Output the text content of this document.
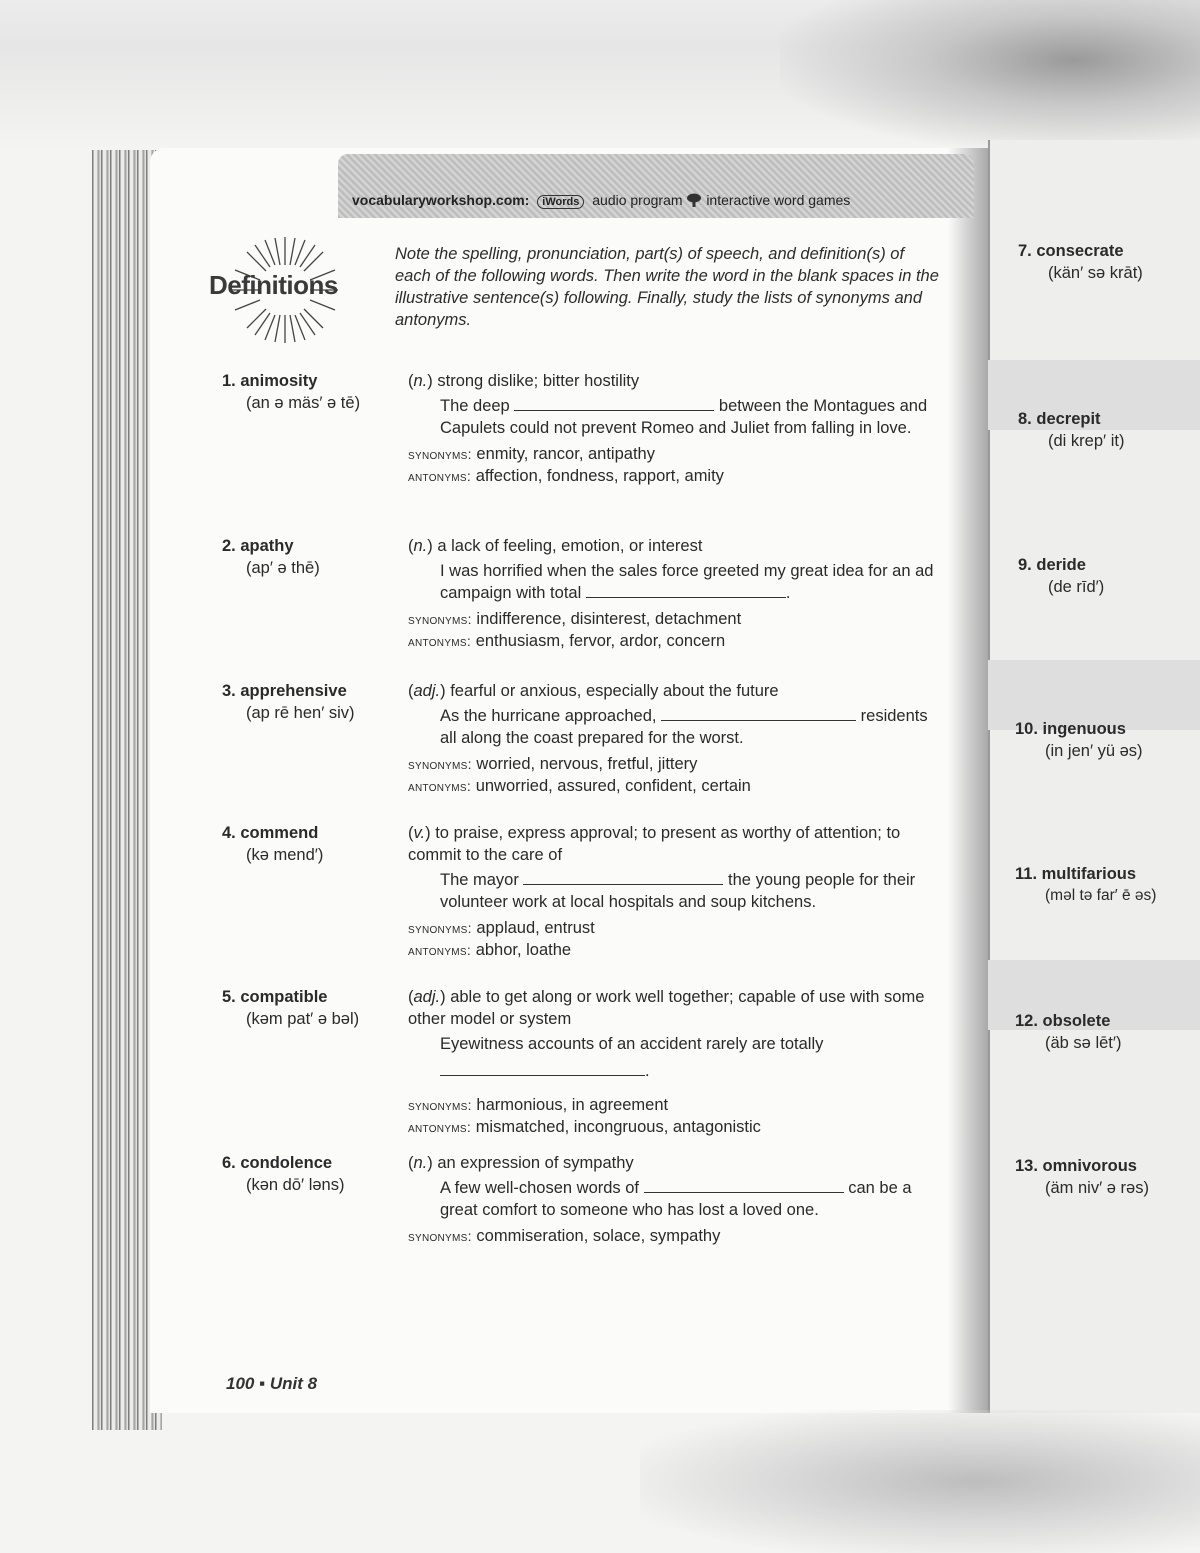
vocabularyworkshop.com: iWords audio program interactive word games
Definitions
Note the spelling, pronunciation, part(s) of speech, and definition(s) of each of the following words. Then write the word in the blank spaces in the illustrative sentence(s) following. Finally, study the lists of synonyms and antonyms.
1. animosity
(an ə mäs′ ə tē)
(n.) strong dislike; bitter hostility
The deep	between the Montagues and Capulets could not prevent Romeo and Juliet from falling in love.
synonyms: enmity, rancor, antipathy
antonyms: affection, fondness, rapport, amity
2. apathy
(ap′ ə thē)
(n.) a lack of feeling, emotion, or interest
I was horrified when the sales force greeted my great idea for an ad campaign with total	.
synonyms: indifference, disinterest, detachment
antonyms: enthusiasm, fervor, ardor, concern
3. apprehensive
(ap rē hen′ siv)
(adj.) fearful or anxious, especially about the future
As the hurricane approached,	residents all along the coast prepared for the worst.
synonyms: worried, nervous, fretful, jittery
antonyms: unworried, assured, confident, certain
4. commend
(kə mend′)
(v.) to praise, express approval; to present as worthy of attention; to commit to the care of
The mayor	the young people for their volunteer work at local hospitals and soup kitchens.
synonyms: applaud, entrust
antonyms: abhor, loathe
5. compatible
(kəm pat′ ə bəl)
(adj.) able to get along or work well together; capable of use with some other model or system
Eyewitness accounts of an accident rarely are totally
.
synonyms: harmonious, in agreement
antonyms: mismatched, incongruous, antagonistic
6. condolence
(kən dō′ ləns)
(n.) an expression of sympathy
A few well-chosen words of	can be a great comfort to someone who has lost a loved one.
synonyms: commiseration, solace, sympathy
7. consecrate
(kän′ sə krāt)
8. decrepit
(di krep′ it)
9. deride
(de rīd′)
10. ingenuous
(in jen′ yü əs)
11. multifarious
(məl tə far′ ē əs)
12. obsolete
(äb sə lēt′)
13. omnivorous
(äm niv′ ə rəs)
100 ▪ Unit 8
